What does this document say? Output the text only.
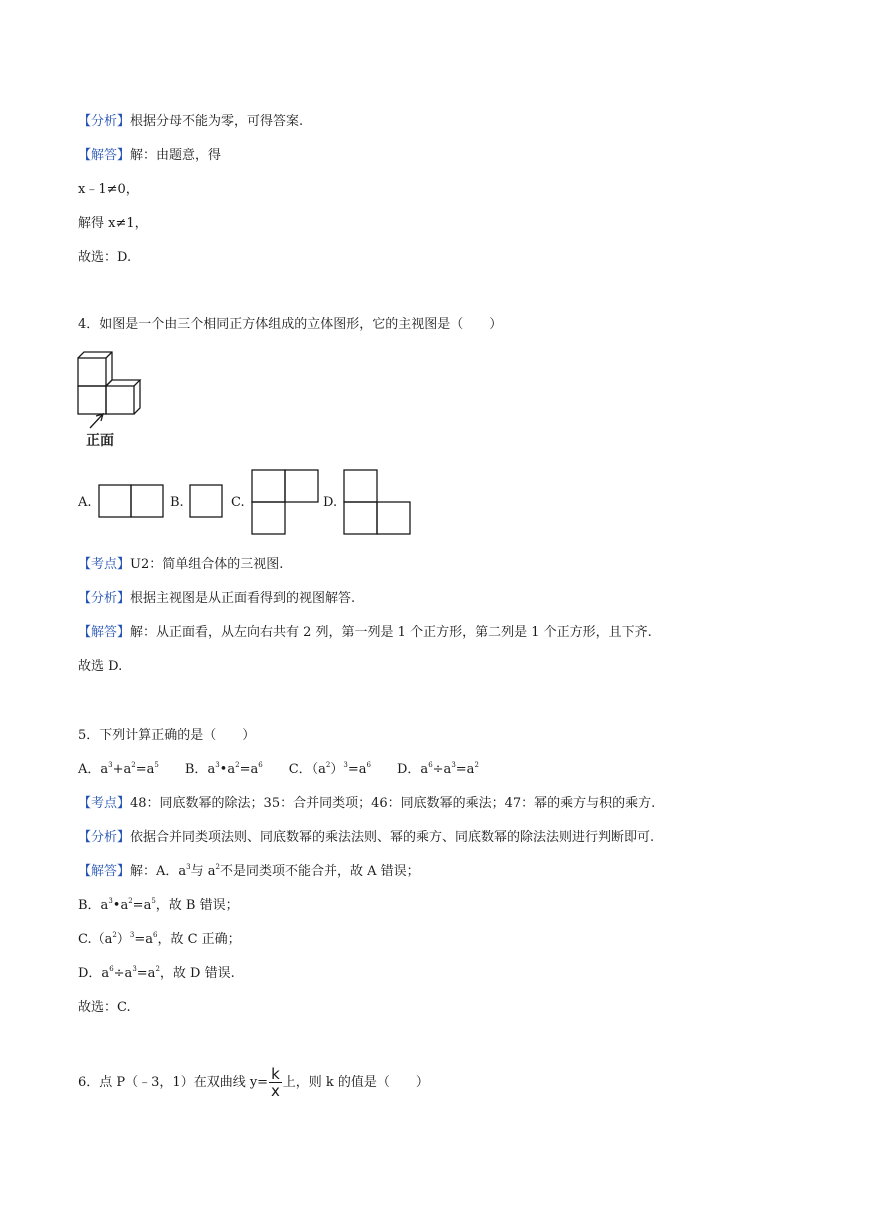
【分析】根据分母不能为零，可得答案.
【解答】解：由题意，得
x﹣1≠0，
解得 x≠1，
故选：D.
4．如图是一个由三个相同正方体组成的立体图形，它的主视图是（　　）
正面
A.	B.	C.	D.
【考点】U2：简单组合体的三视图.
【分析】根据主视图是从正面看得到的视图解答.
【解答】解：从正面看，从左向右共有 2 列，第一列是 1 个正方形，第二列是 1 个正方形，且下齐.
故选 D.
5．下列计算正确的是（　　）
A．$a^3+a^2=a^5$ B．$a^3•a^2=a^6$ C．$(a^2)^3=a^6$ D．$a^6\div a^3=a^2$
【考点】48：同底数幂的除法；35：合并同类项；46：同底数幂的乘法；47：幂的乘方与积的乘方.
【分析】依据合并同类项法则、同底数幂的乘法法则、幂的乘方、同底数幂的除法法则进行判断即可.
【解答】解：A．$a^3$与 $a^2$不是同类项不能合并，故 A 错误；
B．$a^3•a^2=a^5$，故 B 错误；
$C.(a^2)^3=a^6$，故 C 正确；
D．$a^6\div a^3=a^2$，故 D 错误.
故选：C.
6．点 P（﹣3，1）在双曲线 $y= \frac{k}{x}$ 上，则 k 的值是（　　）
